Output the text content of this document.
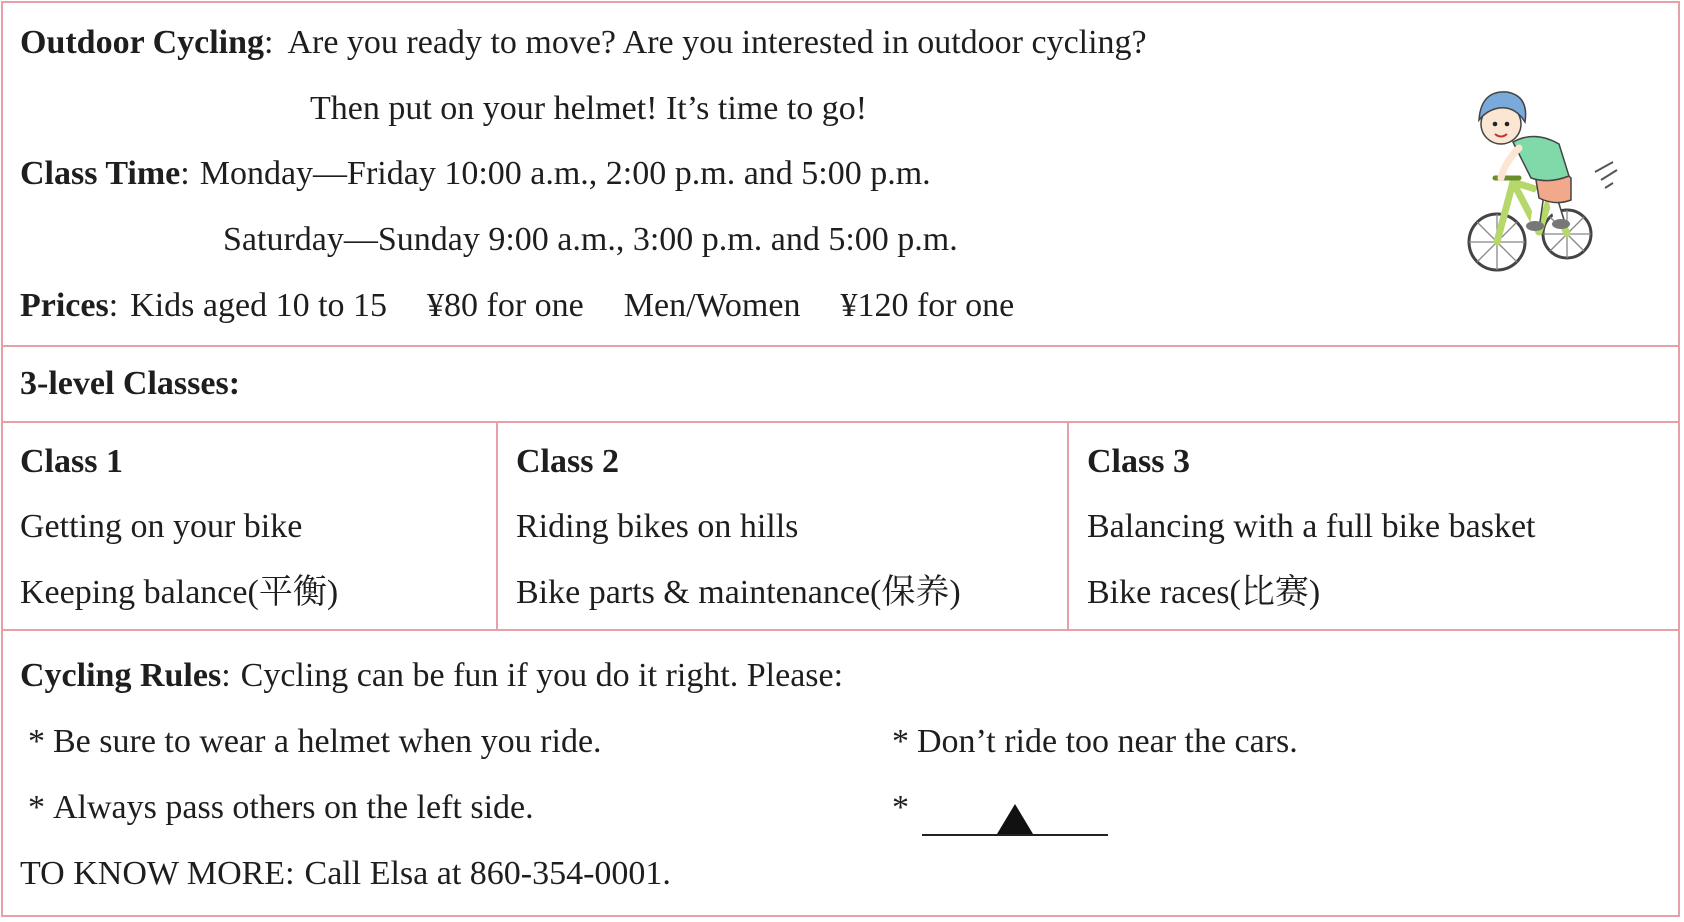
Outdoor Cycling: Are you ready to move? Are you interested in outdoor cycling?
Then put on your helmet! It’s time to go!
Class Time: Monday—Friday 10:00 a.m., 2:00 p.m. and 5:00 p.m.
Saturday—Sunday 9:00 a.m., 3:00 p.m. and 5:00 p.m.
Prices: Kids aged 10 to 15 ¥80 for one Men/Women ¥120 for one
3-level Classes:
Class 1
Getting on your bike
Keeping balance(平衡)
Class 2
Riding bikes on hills
Bike parts & maintenance(保养)
Class 3
Balancing with a full bike basket
Bike races(比赛)
Cycling Rules: Cycling can be fun if you do it right. Please:
* Be sure to wear a helmet when you ride.	* Don’t ride too near the cars.
* Always pass others on the left side.	*
TO KNOW MORE: Call Elsa at 860-354-0001.
